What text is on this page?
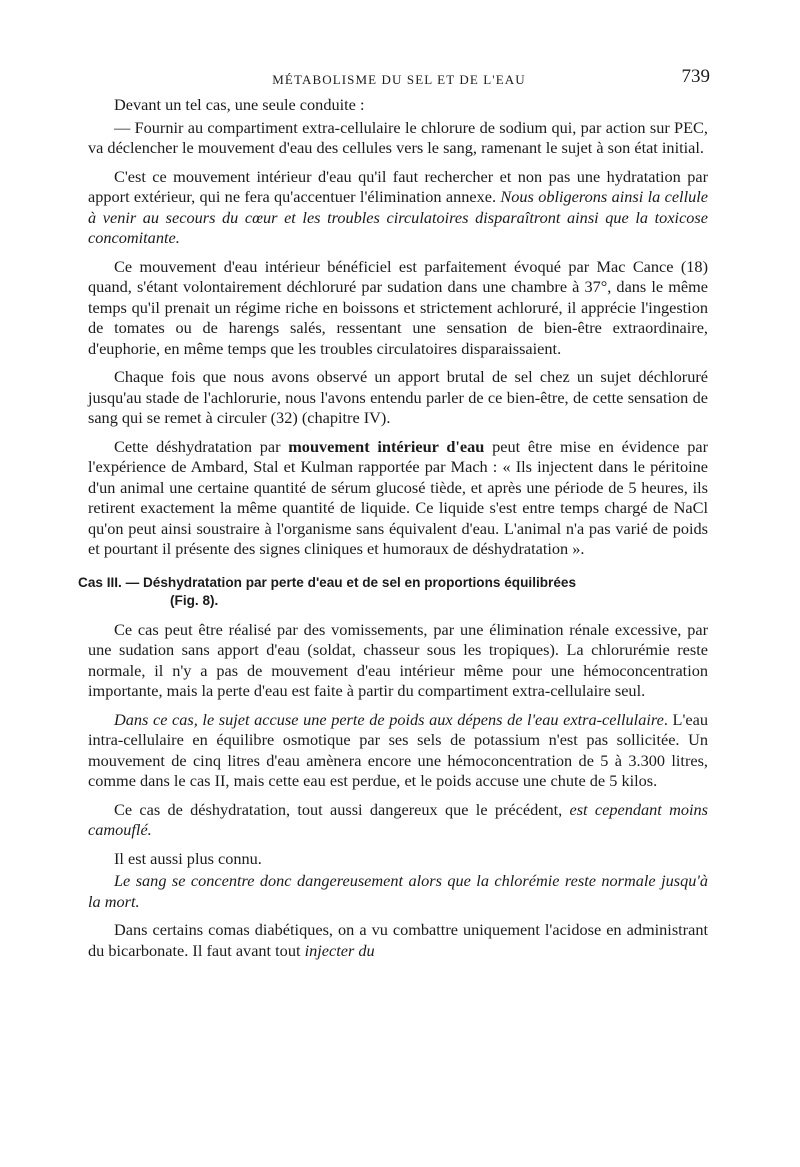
MÉTABOLISME DU SEL ET DE L'EAU	739

Devant un tel cas, une seule conduite :

— Fournir au compartiment extra-cellulaire le chlorure de sodium qui, par action sur PEC, va déclencher le mouvement d'eau des cellules vers le sang, ramenant le sujet à son état initial.

C'est ce mouvement intérieur d'eau qu'il faut rechercher et non pas une hydratation par apport extérieur, qui ne fera qu'accentuer l'élimination annexe. Nous obligerons ainsi la cellule à venir au secours du cœur et les troubles circulatoires disparaîtront ainsi que la toxicose concomitante.

Ce mouvement d'eau intérieur bénéficiel est parfaitement évoqué par Mac Cance (18) quand, s'étant volontairement déchloruré par sudation dans une chambre à 37°, dans le même temps qu'il prenait un régime riche en boissons et strictement achloruré, il apprécie l'ingestion de tomates ou de harengs salés, ressentant une sensation de bien-être extraordinaire, d'euphorie, en même temps que les troubles circulatoires disparaissaient.

Chaque fois que nous avons observé un apport brutal de sel chez un sujet déchloruré jusqu'au stade de l'achlorurie, nous l'avons entendu parler de ce bien-être, de cette sensation de sang qui se remet à circuler (32) (chapitre IV).

Cette déshydratation par mouvement intérieur d'eau peut être mise en évidence par l'expérience de Ambard, Stal et Kulman rapportée par Mach : « Ils injectent dans le péritoine d'un animal une certaine quantité de sérum glucosé tiède, et après une période de 5 heures, ils retirent exactement la même quantité de liquide. Ce liquide s'est entre temps chargé de NaCl qu'on peut ainsi soustraire à l'organisme sans équivalent d'eau. L'animal n'a pas varié de poids et pourtant il présente des signes cliniques et humoraux de déshydratation ».

Cas III. — Déshydratation par perte d'eau et de sel en proportions équilibrées
(Fig. 8).

Ce cas peut être réalisé par des vomissements, par une élimination rénale excessive, par une sudation sans apport d'eau (soldat, chasseur sous les tropiques). La chlorurémie reste normale, il n'y a pas de mouvement d'eau intérieur même pour une hémoconcentration importante, mais la perte d'eau est faite à partir du compartiment extra-cellulaire seul.

Dans ce cas, le sujet accuse une perte de poids aux dépens de l'eau extra-cellulaire. L'eau intra-cellulaire en équilibre osmotique par ses sels de potassium n'est pas sollicitée. Un mouvement de cinq litres d'eau amènera encore une hémoconcentration de 5 à 3.300 litres, comme dans le cas II, mais cette eau est perdue, et le poids accuse une chute de 5 kilos.

Ce cas de déshydratation, tout aussi dangereux que le précédent, est cependant moins camouflé.

Il est aussi plus connu.

Le sang se concentre donc dangereusement alors que la chlorémie reste normale jusqu'à la mort.

Dans certains comas diabétiques, on a vu combattre uniquement l'acidose en administrant du bicarbonate. Il faut avant tout injecter du
